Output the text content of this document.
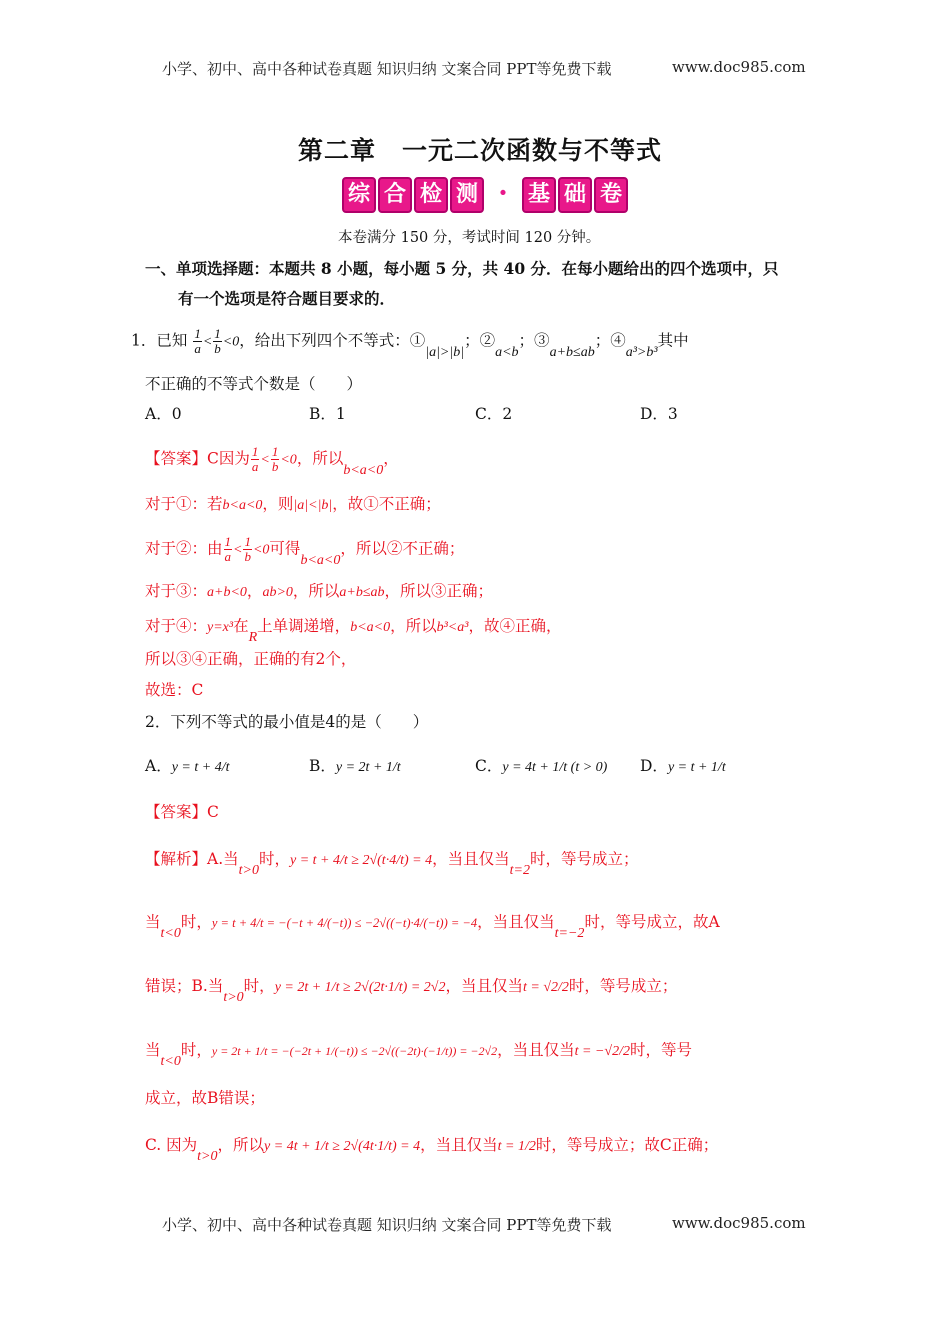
小学、初中、高中各种试卷真题 知识归纳 文案合同 PPT等免费下载	www.doc985.com
第二章　一元二次函数与不等式
综 合 检 测 · 基 础 卷
本卷满分 150 分，考试时间 120 分钟。
一、单项选择题：本题共 8 小题，每小题 5 分，共 40 分．在每小题给出的四个选项中，只
有一个选项是符合题目要求的．
1．已知 $\frac{1}{a} < \frac{1}{b} <0$，给出下列四个不等式：①|a|>|b|；②a<b；③a+b≤ab；④a³>b³其中
不正确的不等式个数是（　　）
A．0	B．1	C．2	D．3
【答案】C因为 $\frac{1}{a} < \frac{1}{b} <0$，所以b<a<0，
对于①：若b<a<0，则|a|<|b|，故①不正确；
对于②：由 $\frac{1}{a} < \frac{1}{b} <0$可得b<a<0，所以②不正确；
对于③：a+b<0，ab>0，所以a+b≤ab，所以③正确；
对于④：y=x³在R上单调递增，b<a<0，所以b³<a³，故④正确，
所以③④正确，正确的有2个，
故选：C
2．下列不等式的最小值是4的是（　　）
A．y = t + 4/t	B．y = 2t + 1/t	C．y = 4t + 1/t (t > 0) D．y = t + 1/t
【答案】C
【解析】A.当t>0时，y = t + 4/t ≥ 2√(t·4/t) = 4，当且仅当t=2时，等号成立；
当t<0时，y = t + 4/t = −(−t + 4/(−t)) ≤ −2√((−t)·4/(−t)) = −4，当且仅当t=−2时，等号成立，故A
错误；B.当t>0时，y = 2t + 1/t ≥ 2√(2t·1/t) = 2√2，当且仅当t = √2/2时，等号成立；
当t<0时，y = 2t + 1/t = −(−2t + 1/(−t)) ≤ −2√((−2t)·(−1/t)) = −2√2，当且仅当t = −√2/2时，等号
成立，故B错误；
C. 因为t>0，所以y = 4t + 1/t ≥ 2√(4t·1/t) = 4，当且仅当t = 1/2时，等号成立；故C正确；
小学、初中、高中各种试卷真题 知识归纳 文案合同 PPT等免费下载	www.doc985.com
